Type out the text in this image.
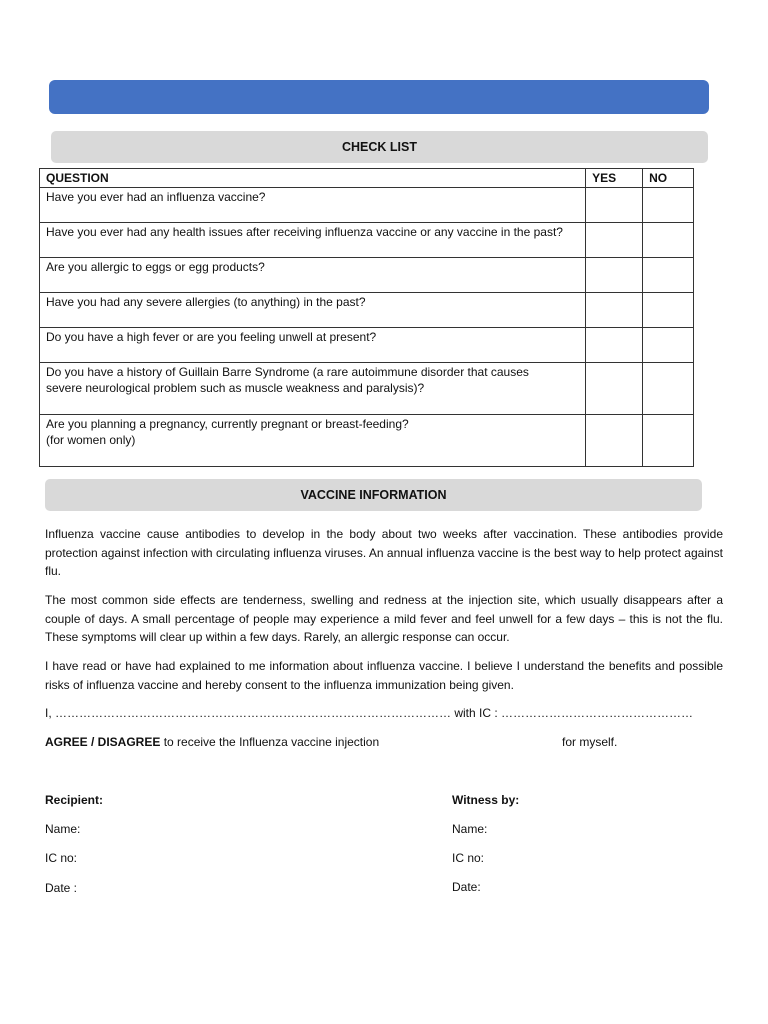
CHECK LIST
QUESTION	YES	NO

Have you ever had an influenza vaccine?		

Have you ever had any health issues after receiving influenza vaccine or any vaccine in the past?		

Are you allergic to eggs or egg products?		

Have you had any severe allergies (to anything) in the past?		

Do you have a high fever or are you feeling unwell at present?		

Do you have a history of Guillain Barre Syndrome (a rare autoimmune disorder that causes
severe neurological problem such as muscle weakness and paralysis)?		

Are you planning a pregnancy, currently pregnant or breast-feeding?
(for women only)		

VACCINE INFORMATION

Influenza vaccine cause antibodies to develop in the body about two weeks after vaccination. These antibodies provide protection against infection with circulating influenza viruses. An annual influenza vaccine is the best way to help protect against flu.

The most common side effects are tenderness, swelling and redness at the injection site, which usually disappears after a couple of days. A small percentage of people may experience a mild fever and feel unwell for a few days – this is not the flu. These symptoms will clear up within a few days. Rarely, an allergic response can occur.

I have read or have had explained to me information about influenza vaccine. I believe I understand the benefits and possible risks of influenza vaccine and hereby consent to the influenza immunization being given.

I, ……………………………………………………………………………………… with IC : …………………………………………
AGREE / DISAGREE to receive the Influenza vaccine injection	for myself.
Recipient:
Name:
IC no:
Date :
Witness by:
Name:
IC no:
Date:
